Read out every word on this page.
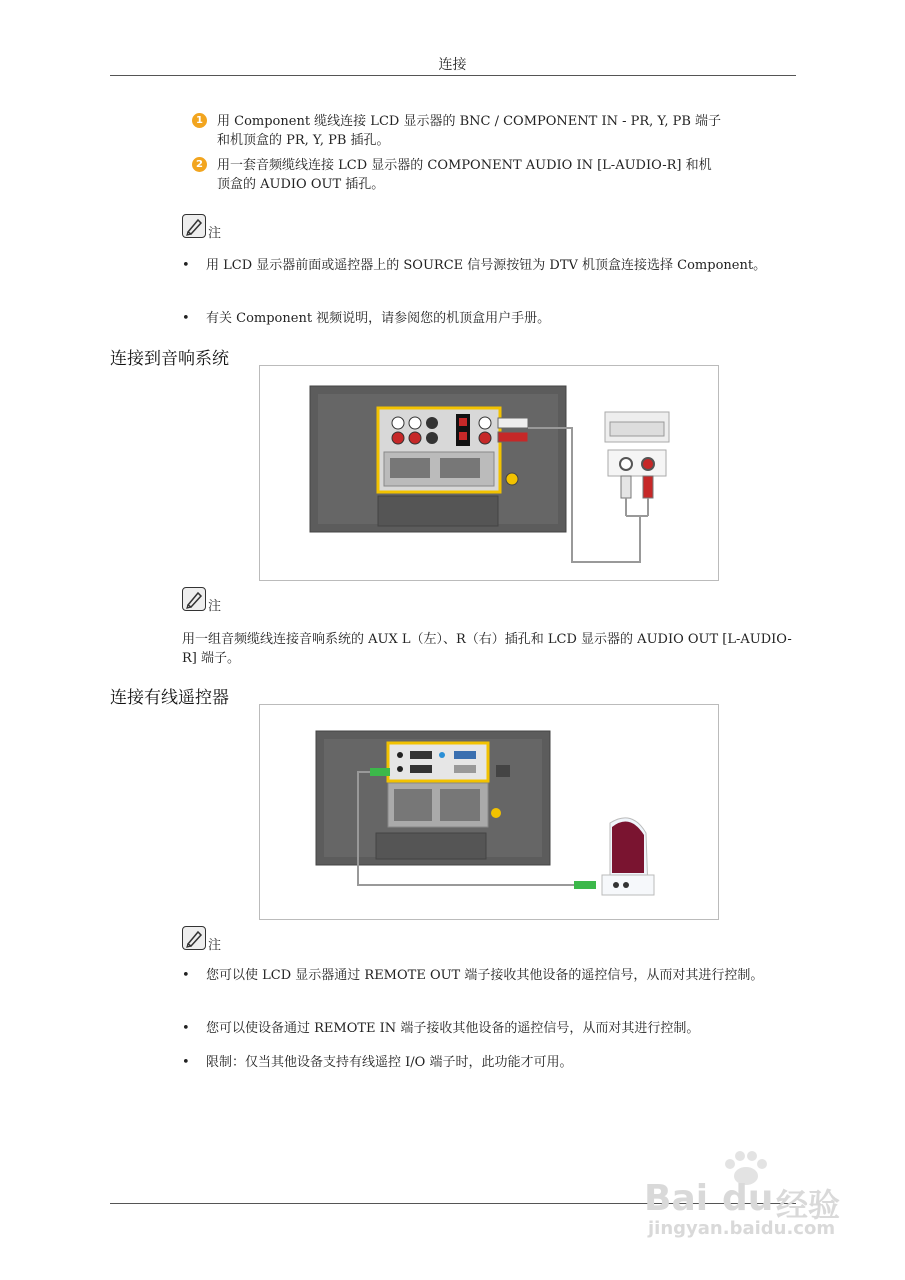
连接
1	用 Component 缆线连接 LCD 显示器的 BNC / COMPONENT IN - PR, Y, PB 端子和机顶盒的 PR, Y, PB 插孔。
2	用一套音频缆线连接 LCD 显示器的 COMPONENT AUDIO IN [L-AUDIO-R] 和机顶盒的 AUDIO OUT 插孔。
注
• 用 LCD 显示器前面或遥控器上的 SOURCE 信号源按钮为 DTV 机顶盒连接选择 Component。
• 有关 Component 视频说明，请参阅您的机顶盒用户手册。
连接到音响系统
注
用一组音频缆线连接音响系统的 AUX L（左）、R（右）插孔和 LCD 显示器的 AUDIO OUT [L-AUDIO-R] 端子。
连接有线遥控器
注
• 您可以使 LCD 显示器通过 REMOTE OUT 端子接收其他设备的遥控信号，从而对其进行控制。
• 您可以使设备通过 REMOTE IN 端子接收其他设备的遥控信号，从而对其进行控制。
• 限制：仅当其他设备支持有线遥控 I/O 端子时，此功能才可用。
Bai du 经验
jingyan.baidu.com
